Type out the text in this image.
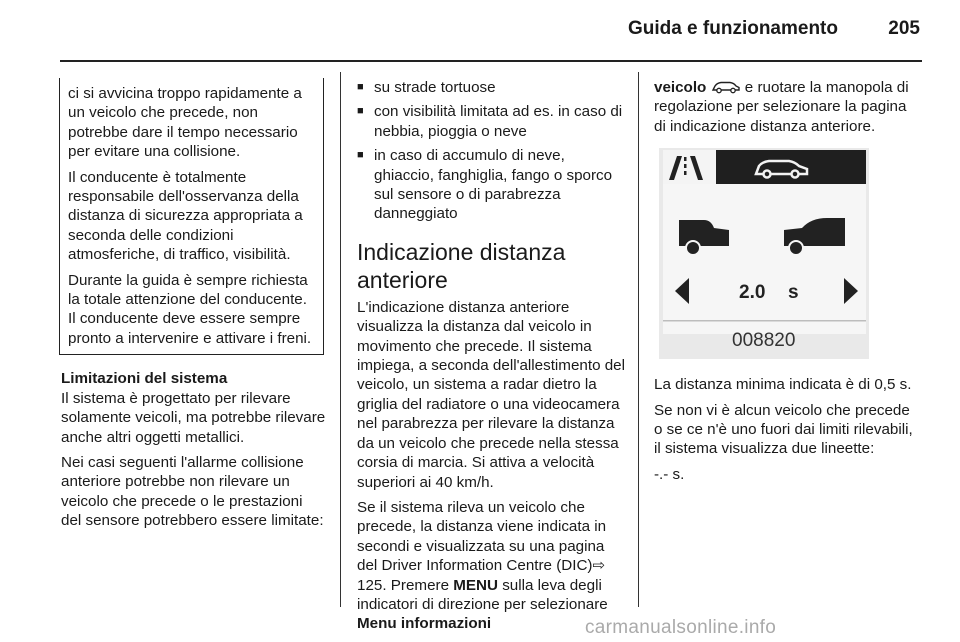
Guida e funzionamento	205

ci si avvicina troppo rapidamente a un veicolo che precede, non potrebbe dare il tempo necessario per evitare una collisione.

Il conducente è totalmente responsabile dell'osservanza della distanza di sicurezza appropriata a seconda delle condizioni atmosferiche, di traffico, visibilità.

Durante la guida è sempre richiesta la totale attenzione del conducente. Il conducente deve essere sempre pronto a intervenire e attivare i freni.

Limitazioni del sistema

Il sistema è progettato per rilevare solamente veicoli, ma potrebbe rilevare anche altri oggetti metallici.

Nei casi seguenti l'allarme collisione anteriore potrebbe non rilevare un veicolo che precede o le prestazioni del sensore potrebbero essere limitate:

■ su strade tortuose
■ con visibilità limitata ad es. in caso di nebbia, pioggia o neve
■ in caso di accumulo di neve, ghiaccio, fanghiglia, fango o sporco sul sensore o di parabrezza danneggiato
Indicazione distanza anteriore

L'indicazione distanza anteriore visualizza la distanza dal veicolo in movimento che precede. Il sistema impiega, a seconda dell'allestimento del veicolo, un sistema a radar dietro la griglia del radiatore o una videocamera nel parabrezza per rilevare la distanza da un veicolo che precede nella stessa corsia di marcia. Si attiva a velocità superiori ai 40 km/h.

Se il sistema rileva un veicolo che precede, la distanza viene indicata in secondi e visualizzata su una pagina del Driver Information Centre (DIC)⇨ 125. Premere MENU sulla leva degli indicatori di direzione per selezionare Menu informazioni

veicolo  e ruotare la manopola di regolazione per selezionare la pagina di indicazione distanza anteriore.

2.0 s
008820

La distanza minima indicata è di 0,5 s.

Se non vi è alcun veicolo che precede o se ce n'è uno fuori dai limiti rilevabili, il sistema visualizza due lineette:

-.- s.

carmanualsonline.info
